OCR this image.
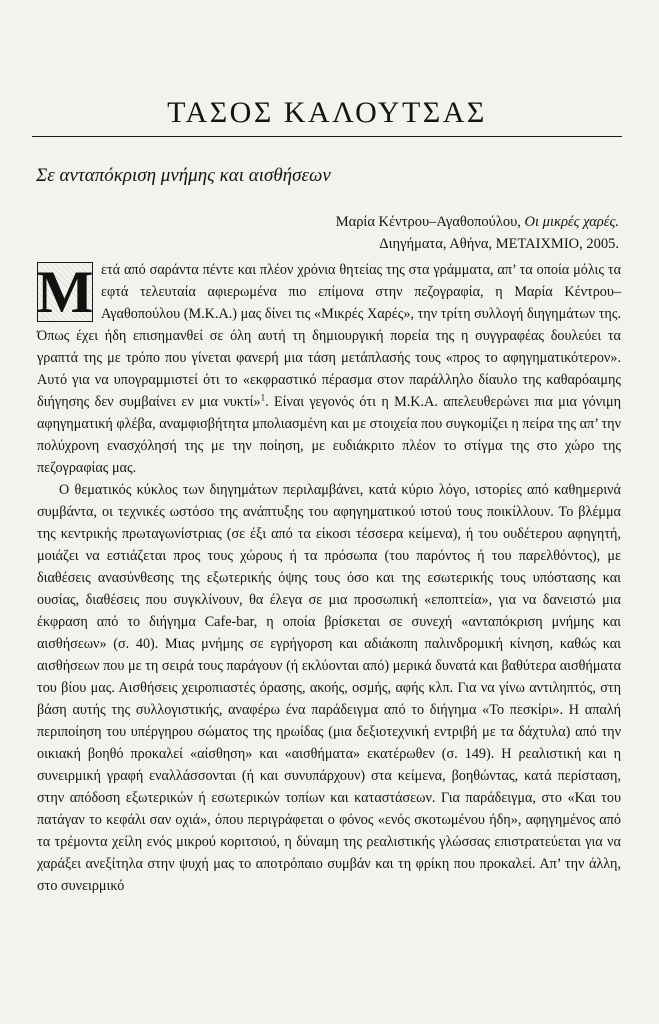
ΤΑΣΟΣ ΚΑΛΟΥΤΣΑΣ
Σε ανταπόκριση μνήμης και αισθήσεων
Μαρία Κέντρου–Αγαθοπούλου, Οι μικρές χαρές.
Διηγήματα, Αθήνα, ΜΕΤΑΙΧΜΙΟ, 2005.

Μ ετά από σαράντα πέντε και πλέον χρόνια θητείας της στα γράμματα, απ’ τα οποία μόλις τα εφτά τελευταία αφιερωμένα πιο επίμονα στην πεζογραφία, η Μαρία Κέντρου–Αγαθοπούλου (Μ.Κ.Α.) μας δίνει τις «Μικρές Χαρές», την τρίτη συλλογή διηγημάτων της. Όπως έχει ήδη επισημανθεί σε όλη αυτή τη δημιουργική πορεία της η συγγραφέας δουλεύει τα γραπτά της με τρόπο που γίνεται φανερή μια τάση μετάπλασής τους «προς το αφηγηματικότερον». Αυτό για να υπογραμμιστεί ότι το «εκφραστικό πέρασμα στον παράλληλο δίαυλο της καθαρόαιμης διήγησης δεν συμβαίνει εν μια νυκτί»$^1$. Είναι γεγονός ότι η Μ.Κ.Α. απελευθερώνει πια μια γόνιμη αφηγηματική φλέβα, αναμφισβήτητα μπολιασμένη και με στοιχεία που συγκομίζει η πείρα της απ’ την πολύχρονη ενασχόλησή της με την ποίηση, με ευδιάκριτο πλέον το στίγμα της στο χώρο της πεζογραφίας μας.

Ο θεματικός κύκλος των διηγημάτων περιλαμβάνει, κατά κύριο λόγο, ιστορίες από καθημερινά συμβάντα, οι τεχνικές ωστόσο της ανάπτυξης του αφηγηματικού ιστού τους ποικίλλουν. Το βλέμμα της κεντρικής πρωταγωνίστριας (σε έξι από τα είκοσι τέσσερα κείμενα), ή του ουδέτερου αφηγητή, μοιάζει να εστιάζεται προς τους χώρους ή τα πρόσωπα (του παρόντος ή του παρελθόντος), με διαθέσεις ανασύνθεσης της εξωτερικής όψης τους όσο και της εσωτερικής τους υπόστασης και ουσίας, διαθέσεις που συγκλίνουν, θα έλεγα σε μια προσωπική «εποπτεία», για να δανειστώ μια έκφραση από το διήγημα Cafe-bar, η οποία βρίσκεται σε συνεχή «ανταπόκριση μνήμης και αισθήσεων» (σ. 40). Μιας μνήμης σε εγρήγορση και αδιάκοπη παλινδρομική κίνηση, καθώς και αισθήσεων που με τη σειρά τους παράγουν (ή εκλύονται από) μερικά δυνατά και βαθύτερα αισθήματα του βίου μας. Αισθήσεις χειροπιαστές όρασης, ακοής, οσμής, αφής κλπ. Για να γίνω αντιληπτός, στη βάση αυτής της συλλογιστικής, αναφέρω ένα παράδειγμα από το διήγημα «Το πεσκίρι». Η απαλή περιποίηση του υπέργηρου σώματος της ηρωίδας (μια δεξιοτεχνική εντριβή με τα δάχτυλα) από την οικιακή βοηθό προκαλεί «αίσθηση» και «αισθήματα» εκατέρωθεν (σ. 149). Η ρεαλιστική και η συνειρμική γραφή εναλλάσσονται (ή και συνυπάρχουν) στα κείμενα, βοηθώντας, κατά περίσταση, στην απόδοση εξωτερικών ή εσωτερικών τοπίων και καταστάσεων. Για παράδειγμα, στο «Και του πατάγαν το κεφάλι σαν οχιά», όπου περιγράφεται ο φόνος «ενός σκοτωμένου ήδη», αφηγημένος από τα τρέμοντα χείλη ενός μικρού κοριτσιού, η δύναμη της ρεαλιστικής γλώσσας επιστρατεύεται για να χαράξει ανεξίτηλα στην ψυχή μας το αποτρόπαιο συμβάν και τη φρίκη που προκαλεί. Απ’ την άλλη, στο συνειρμικό
